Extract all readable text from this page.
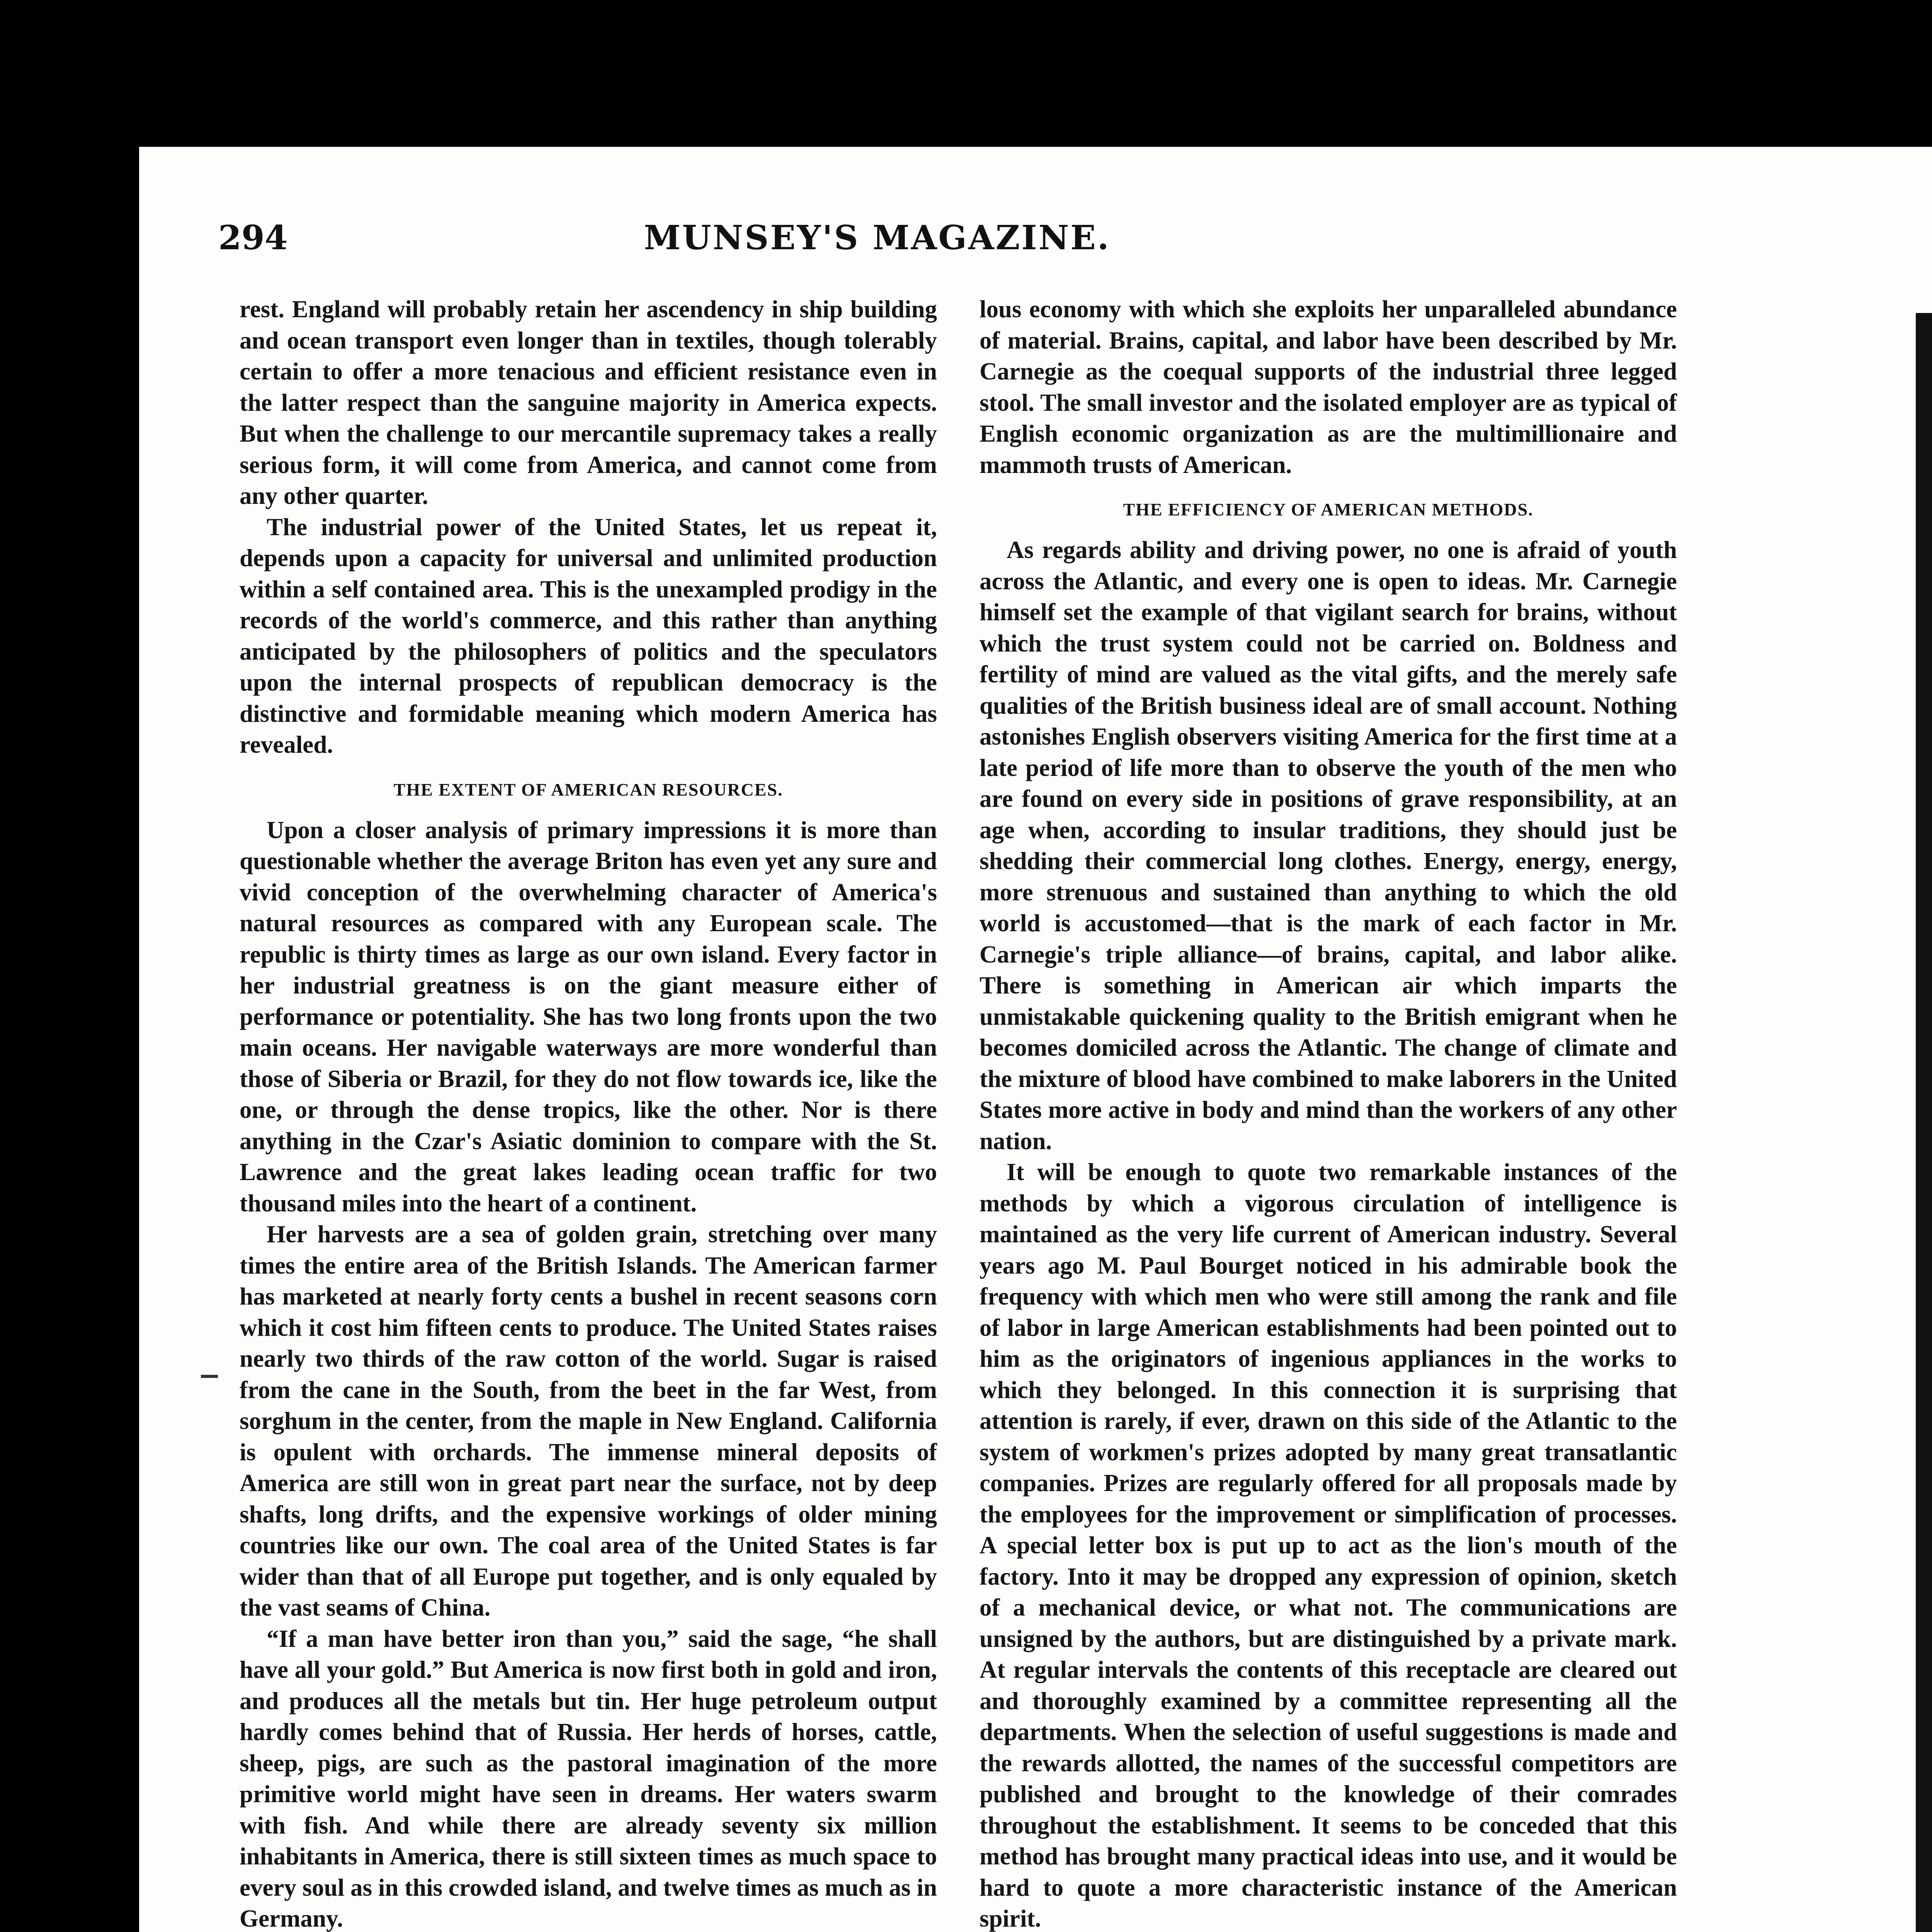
294	MUNSEY'S MAGAZINE.

rest. England will probably retain her ascendency in ship building and ocean transport even longer than in textiles, though tolerably certain to offer a more tenacious and efficient resistance even in the latter respect than the sanguine majority in America expects. But when the challenge to our mercantile supremacy takes a really serious form, it will come from America, and cannot come from any other quarter.

The industrial power of the United States, let us repeat it, depends upon a capacity for universal and unlimited production within a self contained area. This is the unexampled prodigy in the records of the world's commerce, and this rather than anything anticipated by the philosophers of politics and the speculators upon the internal prospects of republican democracy is the distinctive and formidable meaning which modern America has revealed.

THE EXTENT OF AMERICAN RESOURCES.

Upon a closer analysis of primary impressions it is more than questionable whether the average Briton has even yet any sure and vivid conception of the overwhelming character of America's natural resources as compared with any European scale. The republic is thirty times as large as our own island. Every factor in her industrial greatness is on the giant measure either of performance or potentiality. She has two long fronts upon the two main oceans. Her navigable waterways are more wonderful than those of Siberia or Brazil, for they do not flow towards ice, like the one, or through the dense tropics, like the other. Nor is there anything in the Czar's Asiatic dominion to compare with the St. Lawrence and the great lakes leading ocean traffic for two thousand miles into the heart of a continent.

Her harvests are a sea of golden grain, stretching over many times the entire area of the British Islands. The American farmer has marketed at nearly forty cents a bushel in recent seasons corn which it cost him fifteen cents to produce. The United States raises nearly two thirds of the raw cotton of the world. Sugar is raised from the cane in the South, from the beet in the far West, from sorghum in the center, from the maple in New England. California is opulent with orchards. The immense mineral deposits of America are still won in great part near the surface, not by deep shafts, long drifts, and the expensive workings of older mining countries like our own. The coal area of the United States is far wider than that of all Europe put together, and is only equaled by the vast seams of China.

“If a man have better iron than you,” said the sage, “he shall have all your gold.” But America is now first both in gold and iron, and produces all the metals but tin. Her huge petroleum output hardly comes behind that of Russia. Her herds of horses, cattle, sheep, pigs, are such as the pastoral imagination of the more primitive world might have seen in dreams. Her waters swarm with fish. And while there are already seventy six million inhabitants in America, there is still sixteen times as much space to every soul as in this crowded island, and twelve times as much as in Germany.

lous economy with which she exploits her unparalleled abundance of material. Brains, capital, and labor have been described by Mr. Carnegie as the coequal supports of the industrial three legged stool. The small investor and the isolated employer are as typical of English economic organization as are the multimillionaire and mammoth trusts of American.

THE EFFICIENCY OF AMERICAN METHODS.

As regards ability and driving power, no one is afraid of youth across the Atlantic, and every one is open to ideas. Mr. Carnegie himself set the example of that vigilant search for brains, without which the trust system could not be carried on. Boldness and fertility of mind are valued as the vital gifts, and the merely safe qualities of the British business ideal are of small account. Nothing astonishes English observers visiting America for the first time at a late period of life more than to observe the youth of the men who are found on every side in positions of grave responsibility, at an age when, according to insular traditions, they should just be shedding their commercial long clothes. Energy, energy, energy, more strenuous and sustained than anything to which the old world is accustomed—that is the mark of each factor in Mr. Carnegie's triple alliance—of brains, capital, and labor alike. There is something in American air which imparts the unmistakable quickening quality to the British emigrant when he becomes domiciled across the Atlantic. The change of climate and the mixture of blood have combined to make laborers in the United States more active in body and mind than the workers of any other nation.

It will be enough to quote two remarkable instances of the methods by which a vigorous circulation of intelligence is maintained as the very life current of American industry. Several years ago M. Paul Bourget noticed in his admirable book the frequency with which men who were still among the rank and file of labor in large American establishments had been pointed out to him as the originators of ingenious appliances in the works to which they belonged. In this connection it is surprising that attention is rarely, if ever, drawn on this side of the Atlantic to the system of workmen's prizes adopted by many great transatlantic companies. Prizes are regularly offered for all proposals made by the employees for the improvement or simplification of processes. A special letter box is put up to act as the lion's mouth of the factory. Into it may be dropped any expression of opinion, sketch of a mechanical device, or what not. The communications are unsigned by the authors, but are distinguished by a private mark. At regular intervals the contents of this receptacle are cleared out and thoroughly examined by a committee representing all the departments. When the selection of useful suggestions is made and the rewards allotted, the names of the successful competitors are published and brought to the knowledge of their comrades throughout the establishment. It seems to be conceded that this method has brought many practical ideas into use, and it would be hard to quote a more characteristic instance of the American spirit.
